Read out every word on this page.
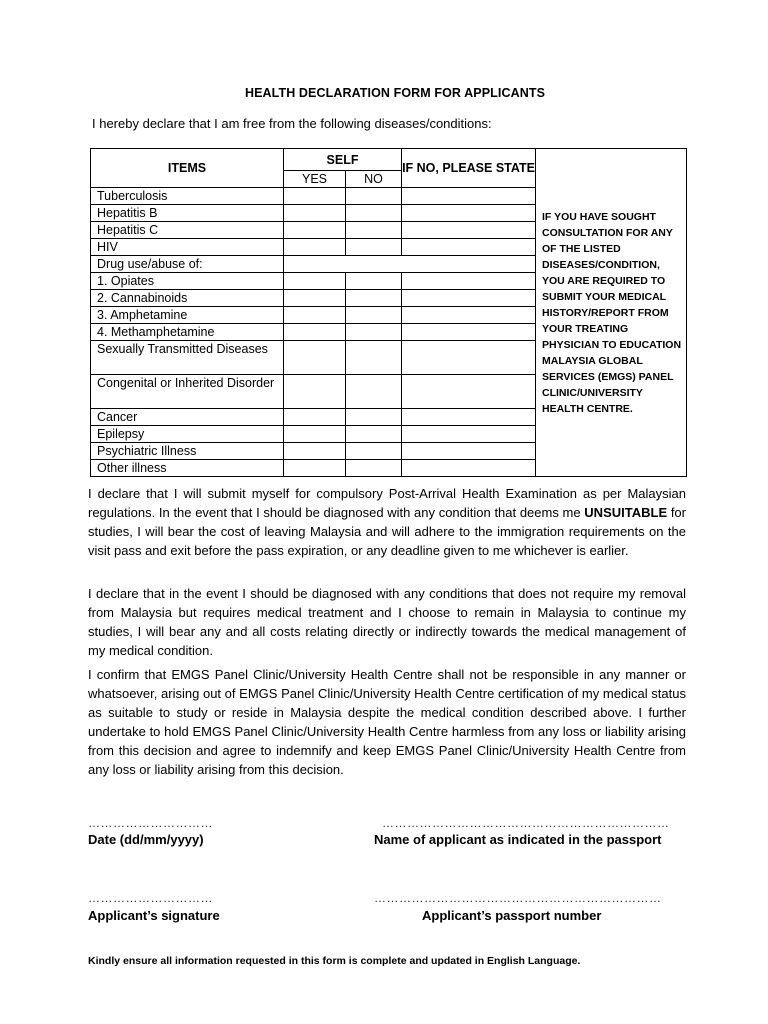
HEALTH DECLARATION FORM FOR APPLICANTS
I hereby declare that I am free from the following diseases/conditions:
ITEMS	SELF		IF NO, PLEASE STATE	IF YOU HAVE SOUGHT CONSULTATION FOR ANY OF THE LISTED DISEASES/CONDITION, YOU ARE REQUIRED TO SUBMIT YOUR MEDICAL HISTORY/REPORT FROM YOUR TREATING PHYSICIAN TO EDUCATION MALAYSIA GLOBAL SERVICES (EMGS) PANEL CLINIC/UNIVERSITY HEALTH CENTRE.
	YES	NO		
Tuberculosis				
Hepatitis B				
Hepatitis C				
HIV				
Drug use/abuse of:				
1. Opiates				
2. Cannabinoids				
3. Amphetamine				
4. Methamphetamine				
Sexually Transmitted Diseases				
Congenital or Inherited Disorder				
Cancer				
Epilepsy				
Psychiatric Illness				
Other illness				

I declare that I will submit myself for compulsory Post-Arrival Health Examination as per Malaysian regulations. In the event that I should be diagnosed with any condition that deems me UNSUITABLE for studies, I will bear the cost of leaving Malaysia and will adhere to the immigration requirements on the visit pass and exit before the pass expiration, or any deadline given to me whichever is earlier.

I declare that in the event I should be diagnosed with any conditions that does not require my removal from Malaysia but requires medical treatment and I choose to remain in Malaysia to continue my studies, I will bear any and all costs relating directly or indirectly towards the medical management of my medical condition.

I confirm that EMGS Panel Clinic/University Health Centre shall not be responsible in any manner or whatsoever, arising out of EMGS Panel Clinic/University Health Centre certification of my medical status as suitable to study or reside in Malaysia despite the medical condition described above. I further undertake to hold EMGS Panel Clinic/University Health Centre harmless from any loss or liability arising from this decision and agree to indemnify and keep EMGS Panel Clinic/University Health Centre from any loss or liability arising from this decision.

…………………………	……………………………………………………………
Date (dd/mm/yyyy)	Name of applicant as indicated in the passport
…………………………	……………………………………………………………
Applicant’s signature	Applicant’s passport number
Kindly ensure all information requested in this form is complete and updated in English Language.
